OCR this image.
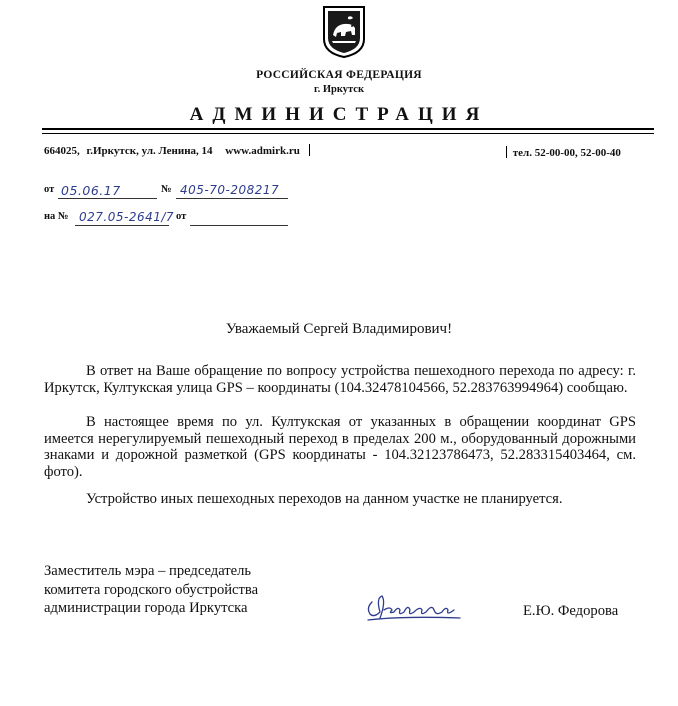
РОССИЙСКАЯ ФЕДЕРАЦИЯ
г. Иркутск
АДМИНИСТРАЦИЯ
664025, г.Иркутск, ул. Ленина, 14 www.admirk.ru	тел. 52-00-00, 52-00-40
от 05.06.17	№ 405-70-208217
на № 027.05-2641/7 от
Уважаемый Сергей Владимирович!

В ответ на Ваше обращение по вопросу устройства пешеходного перехода по адресу: г. Иркутск, Култукская улица GPS – координаты (104.32478104566, 52.283763994964) сообщаю.

В настоящее время по ул. Култукская от указанных в обращении координат GPS имеется нерегулируемый пешеходный переход в пределах 200 м., оборудованный дорожными знаками и дорожной разметкой (GPS координаты - 104.32123786473, 52.283315403464, см. фото).

Устройство иных пешеходных переходов на данном участке не планируется.

Заместитель мэра – председатель
комитета городского обустройства
администрации города Иркутска	Е.Ю. Федорова
